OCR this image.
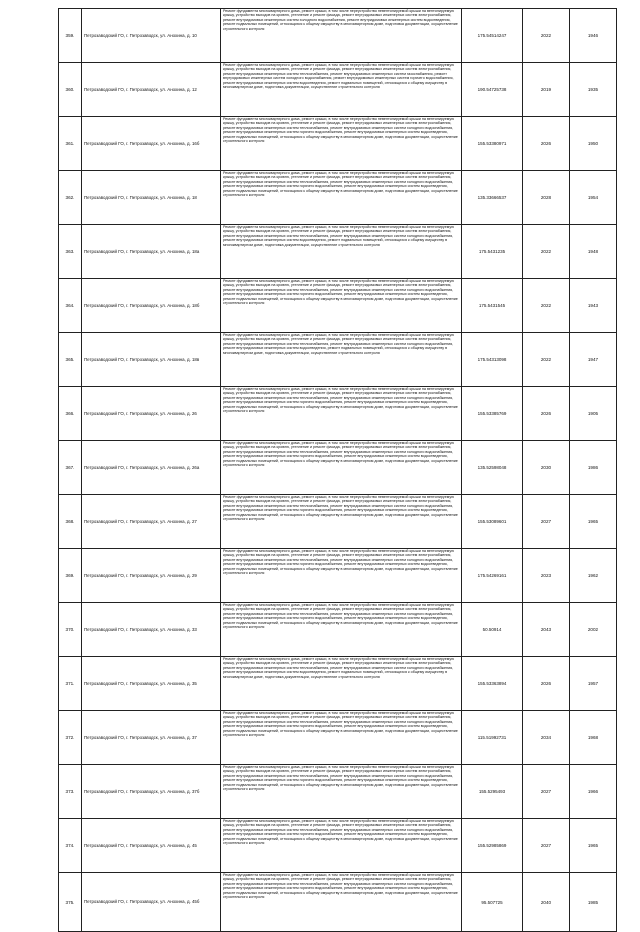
359.	Петрозаводский ГО, г. Петрозаводск, ул. Анохина, д. 10	Ремонт фундамента многоквартирного дома, ремонт крыши, в том числе переустройство невентилируемой крыши на вентилируемую крышу, устройство выходов на кровлю, утепление и ремонт фасада, ремонт внутридомовых инженерных систем электроснабжения, ремонт внутридомовых инженерных систем холодного водоснабжения, ремонт внутридомовых инженерных систем водоотведения, ремонт подвальных помещений, относящихся к общему имуществу в многоквартирном доме, подготовка документации, осуществление строительного контроля	175.54514247	2022	1946

360.	Петрозаводский ГО, г. Петрозаводск, ул. Анохина, д. 12	Ремонт фундамента многоквартирного дома, ремонт крыши, в том числе переустройство невентилируемой крыши на вентилируемую крышу, устройство выходов на кровлю, утепление и ремонт фасада, ремонт внутридомовых инженерных систем электроснабжения, ремонт внутридомовых инженерных систем теплоснабжения, ремонт внутридомовых инженерных систем газоснабжения, ремонт внутридомовых инженерных систем холодного водоснабжения, ремонт внутридомовых инженерных систем горячего водоснабжения, ремонт внутридомовых инженерных систем водоотведения, ремонт подвальных помещений, относящихся к общему имуществу в многоквартирном доме, подготовка документации, осуществление строительного контроля	190.54725738	2019	1935

361.	Петрозаводский ГО, г. Петрозаводск, ул. Анохина, д. 16б	Ремонт фундамента многоквартирного дома, ремонт крыши, в том числе переустройство невентилируемой крыши на вентилируемую крышу, устройство выходов на кровлю, утепление и ремонт фасада, ремонт внутридомовых инженерных систем электроснабжения, ремонт внутридомовых инженерных систем теплоснабжения, ремонт внутридомовых инженерных систем холодного водоснабжения, ремонт внутридомовых инженерных систем горячего водоснабжения, ремонт внутридомовых инженерных систем водоотведения, ремонт подвальных помещений, относящихся к общему имуществу в многоквартирном доме, подготовка документации, осуществление строительного контроля	155.53380971	2026	1950

362.	Петрозаводский ГО, г. Петрозаводск, ул. Анохина, д. 18	Ремонт фундамента многоквартирного дома, ремонт крыши, в том числе переустройство невентилируемой крыши на вентилируемую крышу, устройство выходов на кровлю, утепление и ремонт фасада, ремонт внутридомовых инженерных систем электроснабжения, ремонт внутридомовых инженерных систем теплоснабжения, ремонт внутридомовых инженерных систем холодного водоснабжения, ремонт внутридомовых инженерных систем горячего водоснабжения, ремонт внутридомовых инженерных систем водоотведения, ремонт подвальных помещений, относящихся к общему имуществу в многоквартирном доме, подготовка документации, осуществление строительного контроля	135.33666537	2028	1954

363.	Петрозаводский ГО, г. Петрозаводск, ул. Анохина, д. 18а	Ремонт фундамента многоквартирного дома, ремонт крыши, в том числе переустройство невентилируемой крыши на вентилируемую крышу, устройство выходов на кровлю, утепление и ремонт фасада, ремонт внутридомовых инженерных систем электроснабжения, ремонт внутридомовых инженерных систем теплоснабжения, ремонт внутридомовых инженерных систем холодного водоснабжения, ремонт внутридомовых инженерных систем водоотведения, ремонт подвальных помещений, относящихся к общему имуществу в многоквартирном доме, подготовка документации, осуществление строительного контроля	175.5431235	2022	1948

364.	Петрозаводский ГО, г. Петрозаводск, ул. Анохина, д. 18б	Ремонт фундамента многоквартирного дома, ремонт крыши, в том числе переустройство невентилируемой крыши на вентилируемую крышу, устройство выходов на кровлю, утепление и ремонт фасада, ремонт внутридомовых инженерных систем электроснабжения, ремонт внутридомовых инженерных систем теплоснабжения, ремонт внутридомовых инженерных систем холодного водоснабжения, ремонт внутридомовых инженерных систем горячего водоснабжения, ремонт внутридомовых инженерных систем водоотведения, ремонт подвальных помещений, относящихся к общему имуществу в многоквартирном доме, подготовка документации, осуществление строительного контроля	175.5431545	2022	1943

365.	Петрозаводский ГО, г. Петрозаводск, ул. Анохина, д. 18в	Ремонт фундамента многоквартирного дома, ремонт крыши, в том числе переустройство невентилируемой крыши на вентилируемую крышу, устройство выходов на кровлю, утепление и ремонт фасада, ремонт внутридомовых инженерных систем электроснабжения, ремонт внутридомовых инженерных систем теплоснабжения, ремонт внутридомовых инженерных систем холодного водоснабжения, ремонт внутридомовых инженерных систем водоотведения, ремонт подвальных помещений, относящихся к общему имуществу в многоквартирном доме, подготовка документации, осуществление строительного контроля	175.54313098	2022	1947

366.	Петрозаводский ГО, г. Петрозаводск, ул. Анохина, д. 26	Ремонт фундамента многоквартирного дома, ремонт крыши, в том числе переустройство невентилируемой крыши на вентилируемую крышу, устройство выходов на кровлю, утепление и ремонт фасада, ремонт внутридомовых инженерных систем электроснабжения, ремонт внутридомовых инженерных систем теплоснабжения, ремонт внутридомовых инженерных систем холодного водоснабжения, ремонт внутридомовых инженерных систем горячего водоснабжения, ремонт внутридомовых инженерных систем водоотведения, ремонт подвальных помещений, относящихся к общему имуществу в многоквартирном доме, подготовка документации, осуществление строительного контроля	155.53385769	2026	1905

367.	Петрозаводский ГО, г. Петрозаводск, ул. Анохина, д. 26а	Ремонт фундамента многоквартирного дома, ремонт крыши, в том числе переустройство невентилируемой крыши на вентилируемую крышу, устройство выходов на кровлю, утепление и ремонт фасада, ремонт внутридомовых инженерных систем электроснабжения, ремонт внутридомовых инженерных систем теплоснабжения, ремонт внутридомовых инженерных систем холодного водоснабжения, ремонт внутридомовых инженерных систем горячего водоснабжения, ремонт внутридомовых инженерных систем водоотведения, ремонт подвальных помещений, относящихся к общему имуществу в многоквартирном доме, подготовка документации, осуществление строительного контроля	135.52598048	2030	1986

368.	Петрозаводский ГО, г. Петрозаводск, ул. Анохина, д. 27	Ремонт фундамента многоквартирного дома, ремонт крыши, в том числе переустройство невентилируемой крыши на вентилируемую крышу, устройство выходов на кровлю, утепление и ремонт фасада, ремонт внутридомовых инженерных систем электроснабжения, ремонт внутридомовых инженерных систем теплоснабжения, ремонт внутридомовых инженерных систем холодного водоснабжения, ремонт внутридомовых инженерных систем горячего водоснабжения, ремонт внутридомовых инженерных систем водоотведения, ремонт подвальных помещений, относящихся к общему имуществу в многоквартирном доме, подготовка документации, осуществление строительного контроля	155.53089601	2027	1965

369.	Петрозаводский ГО, г. Петрозаводск, ул. Анохина, д. 29	Ремонт фундамента многоквартирного дома, ремонт крыши, в том числе переустройство невентилируемой крыши на вентилируемую крышу, устройство выходов на кровлю, утепление и ремонт фасада, ремонт внутридомовых инженерных систем электроснабжения, ремонт внутридомовых инженерных систем теплоснабжения, ремонт внутридомовых инженерных систем холодного водоснабжения, ремонт внутридомовых инженерных систем горячего водоснабжения, ремонт внутридомовых инженерных систем водоотведения, ремонт подвальных помещений, относящихся к общему имуществу в многоквартирном доме, подготовка документации, осуществление строительного контроля	175.54269161	2023	1962

370.	Петрозаводский ГО, г. Петрозаводск, ул. Анохина, д. 33	Ремонт фундамента многоквартирного дома, ремонт крыши, в том числе переустройство невентилируемой крыши на вентилируемую крышу, устройство выходов на кровлю, утепление и ремонт фасада, ремонт внутридомовых инженерных систем электроснабжения, ремонт внутридомовых инженерных систем теплоснабжения, ремонт внутридомовых инженерных систем холодного водоснабжения, ремонт внутридомовых инженерных систем горячего водоснабжения, ремонт внутридомовых инженерных систем водоотведения, ремонт подвальных помещений, относящихся к общему имуществу в многоквартирном доме, подготовка документации, осуществление строительного контроля	50.50914	2043	2002

371.	Петрозаводский ГО, г. Петрозаводск, ул. Анохина, д. 35	Ремонт фундамента многоквартирного дома, ремонт крыши, в том числе переустройство невентилируемой крыши на вентилируемую крышу, устройство выходов на кровлю, утепление и ремонт фасада, ремонт внутридомовых инженерных систем электроснабжения, ремонт внутридомовых инженерных систем теплоснабжения, ремонт внутридомовых инженерных систем холодного водоснабжения, ремонт внутридомовых инженерных систем водоотведения, ремонт подвальных помещений, относящихся к общему имуществу в многоквартирном доме, подготовка документации, осуществление строительного контроля	155.53363894	2026	1957

372.	Петрозаводский ГО, г. Петрозаводск, ул. Анохина, д. 37	Ремонт фундамента многоквартирного дома, ремонт крыши, в том числе переустройство невентилируемой крыши на вентилируемую крышу, устройство выходов на кровлю, утепление и ремонт фасада, ремонт внутридомовых инженерных систем электроснабжения, ремонт внутридомовых инженерных систем теплоснабжения, ремонт внутридомовых инженерных систем холодного водоснабжения, ремонт внутридомовых инженерных систем горячего водоснабжения, ремонт внутридомовых инженерных систем водоотведения, ремонт подвальных помещений, относящихся к общему имуществу в многоквартирном доме, подготовка документации, осуществление строительного контроля	115.51992731	2034	1968

373.	Петрозаводский ГО, г. Петрозаводск, ул. Анохина, д. 37б	Ремонт фундамента многоквартирного дома, ремонт крыши, в том числе переустройство невентилируемой крыши на вентилируемую крышу, устройство выходов на кровлю, утепление и ремонт фасада, ремонт внутридомовых инженерных систем электроснабжения, ремонт внутридомовых инженерных систем теплоснабжения, ремонт внутридомовых инженерных систем холодного водоснабжения, ремонт внутридомовых инженерных систем горячего водоснабжения, ремонт внутридомовых инженерных систем водоотведения, ремонт подвальных помещений, относящихся к общему имуществу в многоквартирном доме, подготовка документации, осуществление строительного контроля	155.5295493	2027	1966

374.	Петрозаводский ГО, г. Петрозаводск, ул. Анохина, д. 45	Ремонт фундамента многоквартирного дома, ремонт крыши, в том числе переустройство невентилируемой крыши на вентилируемую крышу, устройство выходов на кровлю, утепление и ремонт фасада, ремонт внутридомовых инженерных систем электроснабжения, ремонт внутридомовых инженерных систем теплоснабжения, ремонт внутридомовых инженерных систем холодного водоснабжения, ремонт внутридомовых инженерных систем горячего водоснабжения, ремонт внутридомовых инженерных систем водоотведения, ремонт подвальных помещений, относящихся к общему имуществу в многоквартирном доме, подготовка документации, осуществление строительного контроля	155.52985869	2027	1965

375.	Петрозаводский ГО, г. Петрозаводск, ул. Анохина, д. 45б	Ремонт фундамента многоквартирного дома, ремонт крыши, в том числе переустройство невентилируемой крыши на вентилируемую крышу, устройство выходов на кровлю, утепление и ремонт фасада, ремонт внутридомовых инженерных систем электроснабжения, ремонт внутридомовых инженерных систем теплоснабжения, ремонт внутридомовых инженерных систем холодного водоснабжения, ремонт внутридомовых инженерных систем горячего водоснабжения, ремонт внутридомовых инженерных систем водоотведения, ремонт подвальных помещений, относящихся к общему имуществу в многоквартирном доме, подготовка документации, осуществление строительного контроля	95.507725	2040	1985
